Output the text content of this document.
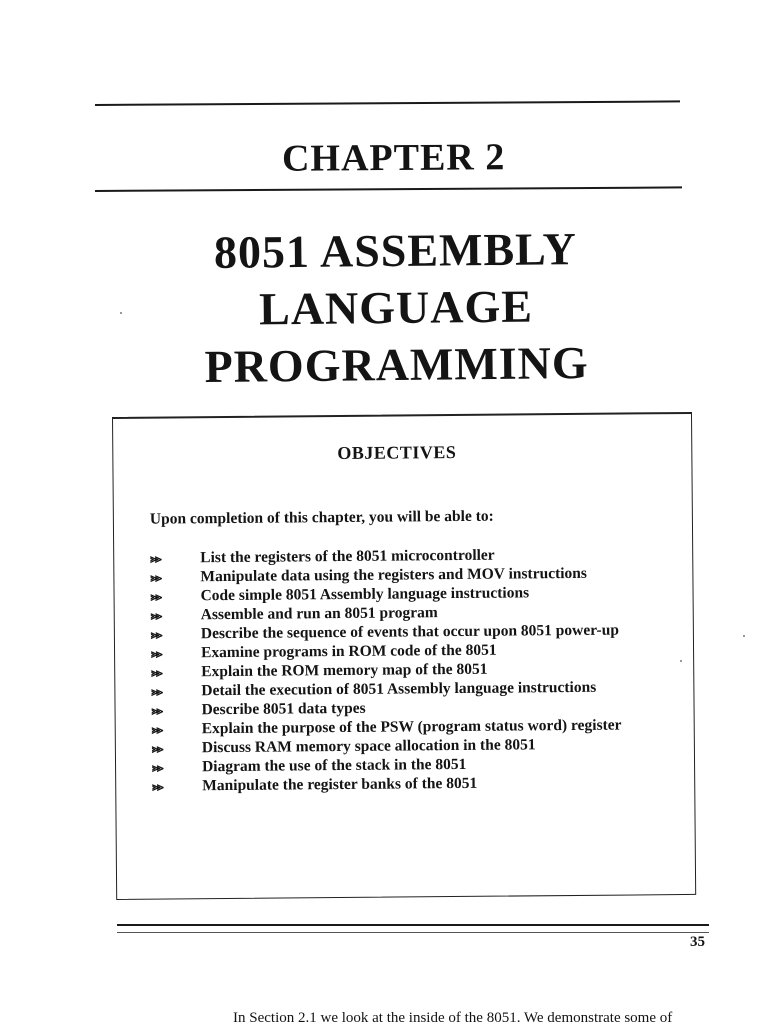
CHAPTER 2
8051 ASSEMBLY
LANGUAGE
PROGRAMMING
OBJECTIVES
Upon completion of this chapter, you will be able to:
⪢⪢	List the registers of the 8051 microcontroller
⪢⪢	Manipulate data using the registers and MOV instructions
⪢⪢	Code simple 8051 Assembly language instructions
⪢⪢	Assemble and run an 8051 program
⪢⪢	Describe the sequence of events that occur upon 8051 power-up
⪢⪢	Examine programs in ROM code of the 8051
⪢⪢	Explain the ROM memory map of the 8051
⪢⪢	Detail the execution of 8051 Assembly language instructions
⪢⪢	Describe 8051 data types
⪢⪢	Explain the purpose of the PSW (program status word) register
⪢⪢	Discuss RAM memory space allocation in the 8051
⪢⪢	Diagram the use of the stack in the 8051
⪢⪢	Manipulate the register banks of the 8051
35
In Section 2.1 we look at the inside of the 8051. We demonstrate some of
